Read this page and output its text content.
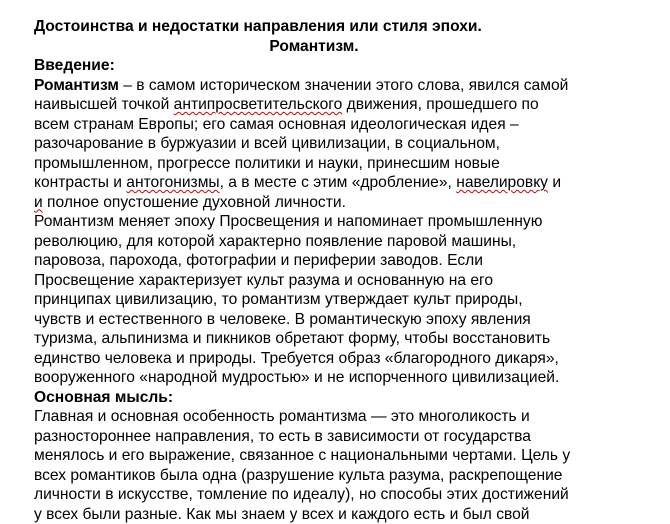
Достоинства и недостатки направления или стиля эпохи.
Романтизм.
Введение:
Романтизм – в самом историческом значении этого слова, явился самой
наивысшей точкой антипросветительского движения, прошедшего по
всем странам Европы; его самая основная идеологическая идея –
разочарование в буржуазии и всей цивилизации, в социальном,
промышленном, прогрессе политики и науки, принесшим новые
контрасты и антогонизмы, а в месте с этим «дробление», навелировку и
и полное опустошение духовной личности.
Романтизм меняет эпоху Просвещения и напоминает промышленную
революцию, для которой характерно появление паровой машины,
паровоза, парохода, фотографии и периферии заводов. Если
Просвещение характеризует культ разума и основанную на его
принципах цивилизацию, то романтизм утверждает культ природы,
чувств и естественного в человеке. В романтическую эпоху явления
туризма, альпинизма и пикников обретают форму, чтобы восстановить
единство человека и природы. Требуется образ «благородного дикаря»,
вооруженного «народной мудростью» и не испорченного цивилизацией.
Основная мысль:
Главная и основная особенность романтизма — это многоликость и
разностороннее направления, то есть в зависимости от государства
менялось и его выражение, связанное с национальными чертами. Цель у
всех романтиков была одна (разрушение культа разума, раскрепощение
личности в искусстве, томление по идеалу), но способы этих достижений
у всех были разные. Как мы знаем у всех и каждого есть и был свой
